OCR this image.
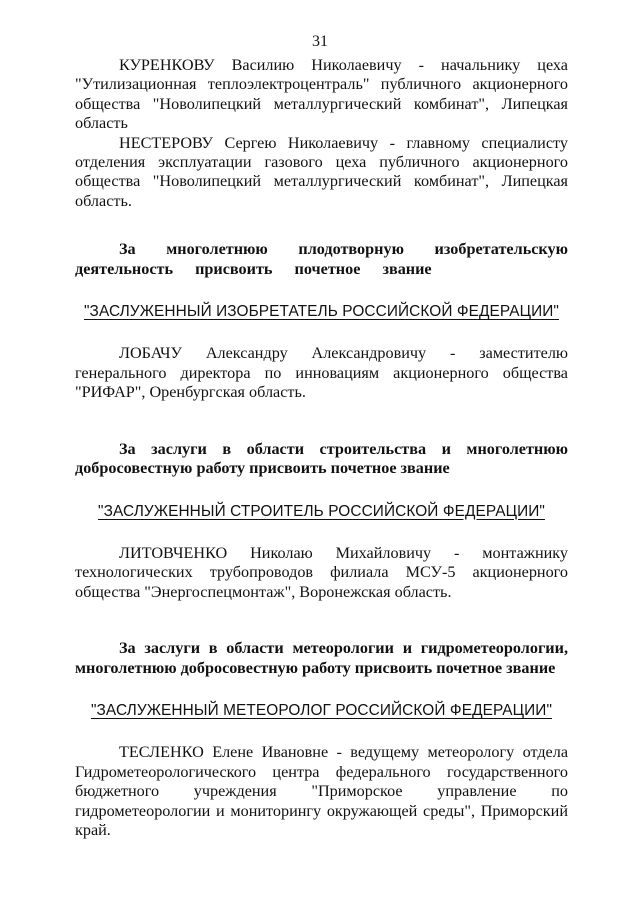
31

КУРЕНКОВУ Василию Николаевичу - начальнику цеха "Утилизационная теплоэлектроцентраль" публичного акционерного общества "Новолипецкий металлургический комбинат", Липецкая область

НЕСТЕРОВУ Сергею Николаевичу - главному специалисту отделения эксплуатации газового цеха публичного акционерного общества "Новолипецкий металлургический комбинат", Липецкая область.

За многолетнюю плодотворную изобретательскую деятельность присвоить почетное звание

"ЗАСЛУЖЕННЫЙ ИЗОБРЕТАТЕЛЬ РОССИЙСКОЙ ФЕДЕРАЦИИ"

ЛОБАЧУ Александру Александровичу - заместителю генерального директора по инновациям акционерного общества "РИФАР", Оренбургская область.

За заслуги в области строительства и многолетнюю добросовестную работу присвоить почетное звание

"ЗАСЛУЖЕННЫЙ СТРОИТЕЛЬ РОССИЙСКОЙ ФЕДЕРАЦИИ"

ЛИТОВЧЕНКО Николаю Михайловичу - монтажнику технологических трубопроводов филиала МСУ-5 акционерного общества "Энергоспецмонтаж", Воронежская область.

За заслуги в области метеорологии и гидрометеорологии, многолетнюю добросовестную работу присвоить почетное звание

"ЗАСЛУЖЕННЫЙ МЕТЕОРОЛОГ РОССИЙСКОЙ ФЕДЕРАЦИИ"

ТЕСЛЕНКО Елене Ивановне - ведущему метеорологу отдела Гидрометеорологического центра федерального государственного бюджетного учреждения "Приморское управление по гидрометеорологии и мониторингу окружающей среды", Приморский край.
